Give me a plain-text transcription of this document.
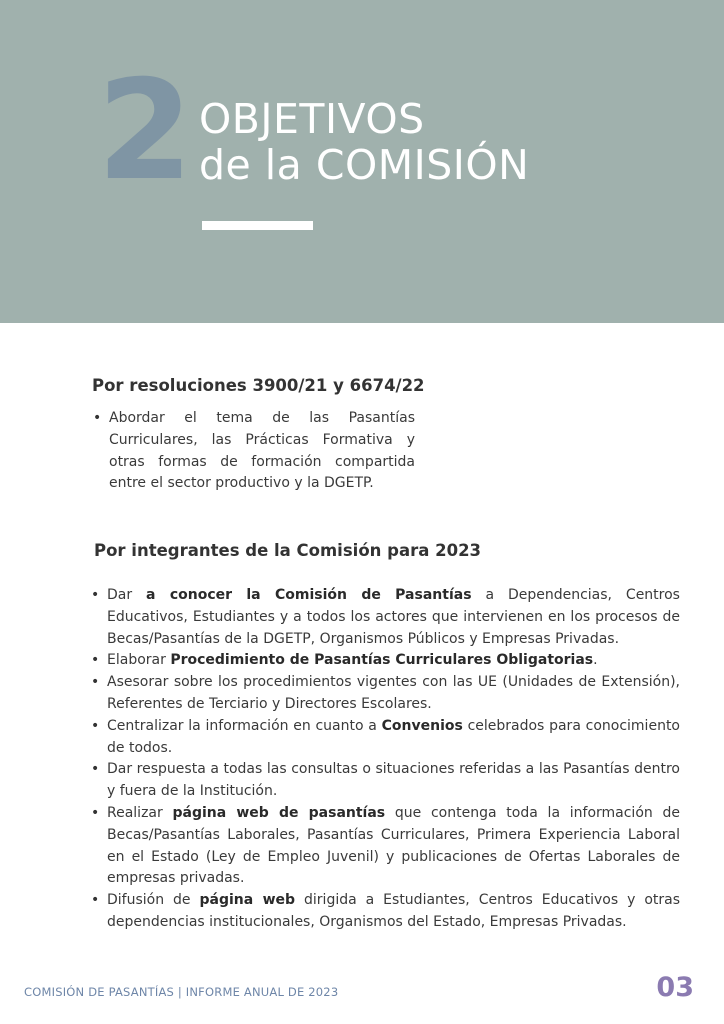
2 OBJETIVOS
de la COMISIÓN
Por resoluciones 3900/21 y 6674/22
• Abordar el tema de las Pasantías Curriculares, las Prácticas Formativa y otras formas de formación compartida entre el sector productivo y la DGETP.
Por integrantes de la Comisión para 2023
• Dar a conocer la Comisión de Pasantías a Dependencias, Centros Educativos, Estudiantes y a todos los actores que intervienen en los procesos de Becas/Pasantías de la DGETP, Organismos Públicos y Empresas Privadas.
• Elaborar Procedimiento de Pasantías Curriculares Obligatorias.
• Asesorar sobre los procedimientos vigentes con las UE (Unidades de Extensión), Referentes de Terciario y Directores Escolares.
• Centralizar la información en cuanto a Convenios celebrados para conocimiento de todos.
• Dar respuesta a todas las consultas o situaciones referidas a las Pasantías dentro y fuera de la Institución.
• Realizar página web de pasantías que contenga toda la información de Becas/Pasantías Laborales, Pasantías Curriculares, Primera Experiencia Laboral en el Estado (Ley de Empleo Juvenil) y publicaciones de Ofertas Laborales de empresas privadas.
• Difusión de página web dirigida a Estudiantes, Centros Educativos y otras dependencias institucionales, Organismos del Estado, Empresas Privadas.
COMISIÓN DE PASANTÍAS | INFORME ANUAL DE 2023	03
